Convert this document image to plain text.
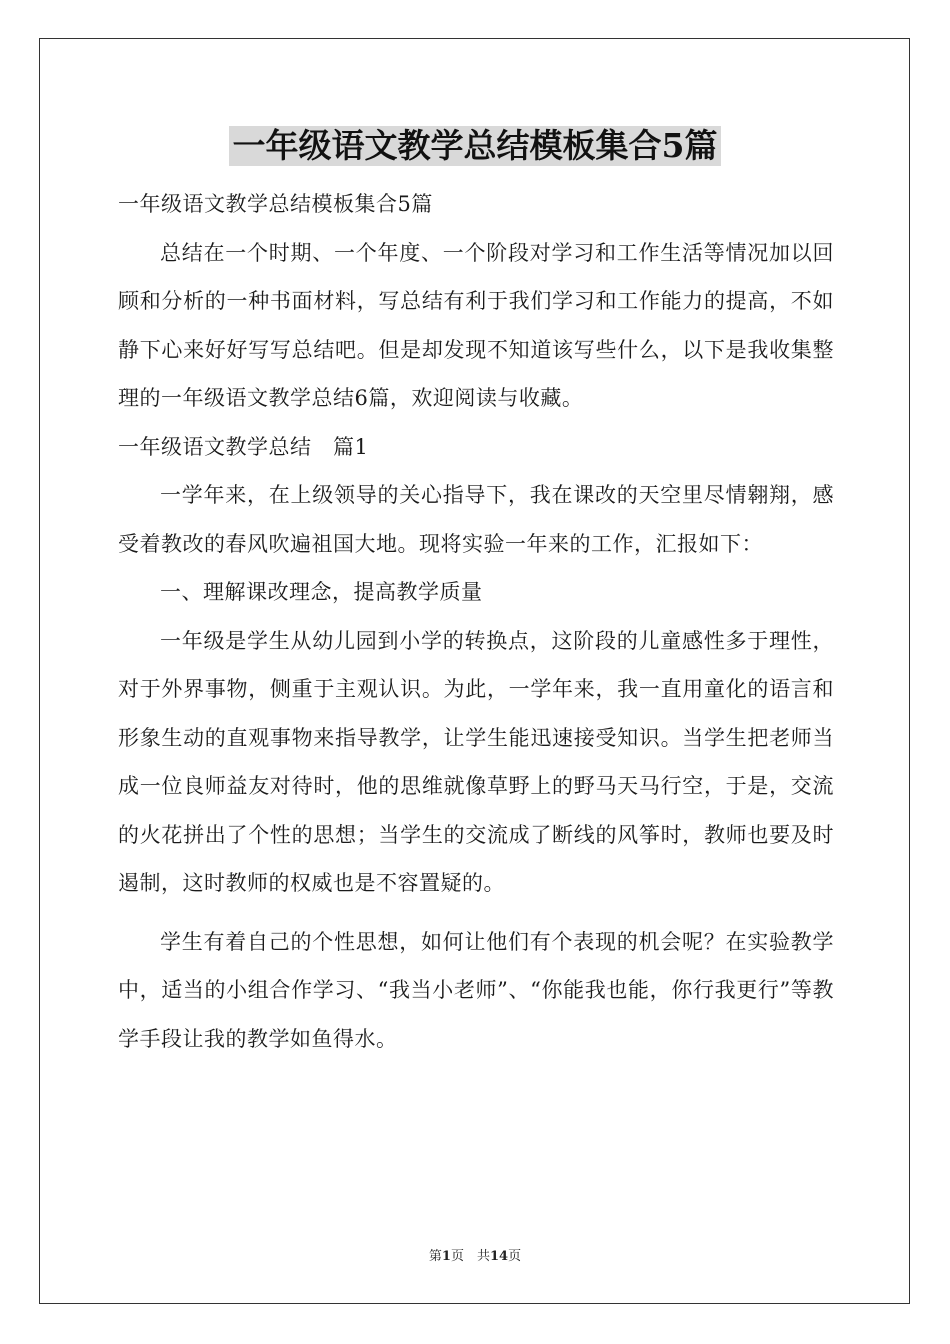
一年级语文教学总结模板集合5篇

一年级语文教学总结模板集合5篇

总结在一个时期、一个年度、一个阶段对学习和工作生活等情况加以回顾和分析的一种书面材料，写总结有利于我们学习和工作能力的提高，不如静下心来好好写写总结吧。但是却发现不知道该写些什么，以下是我收集整理的一年级语文教学总结6篇，欢迎阅读与收藏。

一年级语文教学总结　篇1

一学年来，在上级领导的关心指导下，我在课改的天空里尽情翱翔，感受着教改的春风吹遍祖国大地。现将实验一年来的工作，汇报如下：

一、理解课改理念，提高教学质量

一年级是学生从幼儿园到小学的转换点，这阶段的儿童感性多于理性，对于外界事物，侧重于主观认识。为此，一学年来，我一直用童化的语言和形象生动的直观事物来指导教学，让学生能迅速接受知识。当学生把老师当成一位良师益友对待时，他的思维就像草野上的野马天马行空，于是，交流的火花拼出了个性的思想；当学生的交流成了断线的风筝时，教师也要及时遏制，这时教师的权威也是不容置疑的。

学生有着自己的个性思想，如何让他们有个表现的机会呢？在实验教学中，适当的小组合作学习、“我当小老师”、“你能我也能，你行我更行”等教学手段让我的教学如鱼得水。

第1页　共14页
